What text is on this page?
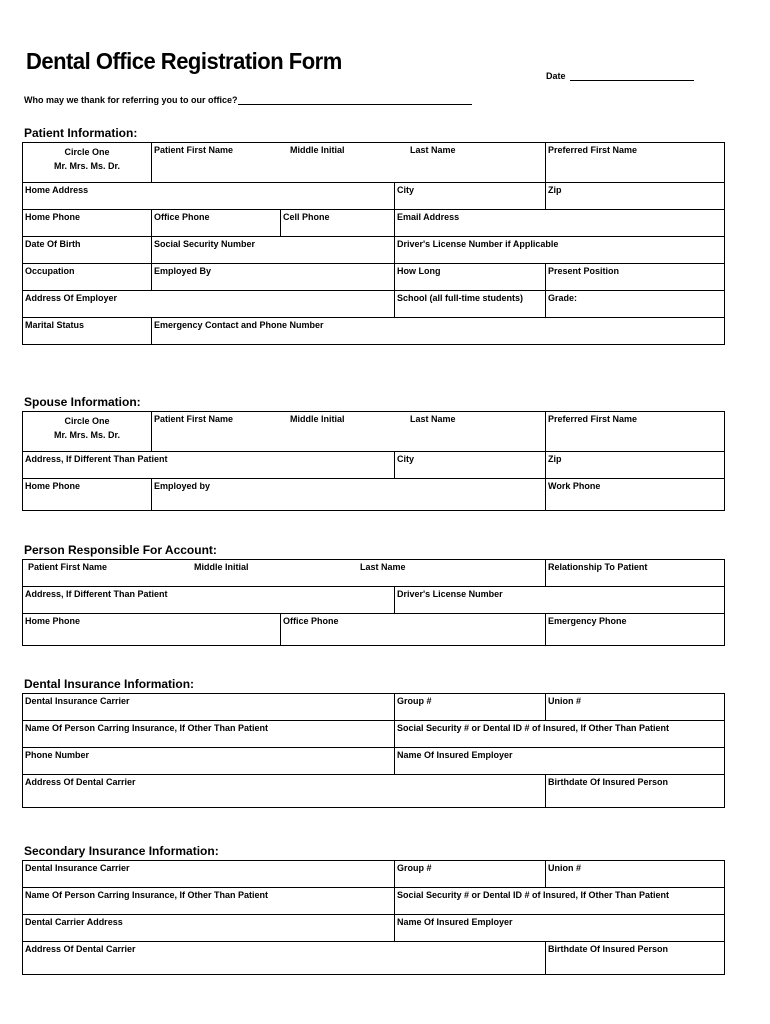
Dental Office Registration Form
Date
Who may we thank for referring you to our office?
Patient Information:
Circle One
Mr. Mrs. Ms. Dr.	Patient First Name Middle Initial Last Name			Preferred First Name
Home Address			City	Zip
Home Phone	Office Phone	Cell Phone	Email Address	
Date Of Birth	Social Security Number		Driver's License Number if Applicable	
Occupation	Employed By		How Long	Present Position
Address Of Employer			School (all full-time students)	Grade:
Marital Status	Emergency Contact and Phone Number			
Spouse Information:
Circle One
Mr. Mrs. Ms. Dr.	Patient First Name Middle Initial Last Name		Preferred First Name
Address, If Different Than Patient		City	Zip
Home Phone	Employed by		Work Phone
Person Responsible For Account:
Patient First Name Middle Initial Last Name			Relationship To Patient
Address, If Different Than Patient		Driver's License Number	
Home Phone	Office Phone		Emergency Phone
Dental Insurance Information:
Dental Insurance Carrier	Group #	Union #
Name Of Person Carring Insurance, If Other Than Patient	Social Security # or Dental ID # of Insured, If Other Than Patient	
Phone Number	Name Of Insured Employer	
Address Of Dental Carrier		Birthdate Of Insured Person
Secondary Insurance Information:
Dental Insurance Carrier	Group #	Union #
Name Of Person Carring Insurance, If Other Than Patient	Social Security # or Dental ID # of Insured, If Other Than Patient	
Dental Carrier Address	Name Of Insured Employer	
Address Of Dental Carrier		Birthdate Of Insured Person
